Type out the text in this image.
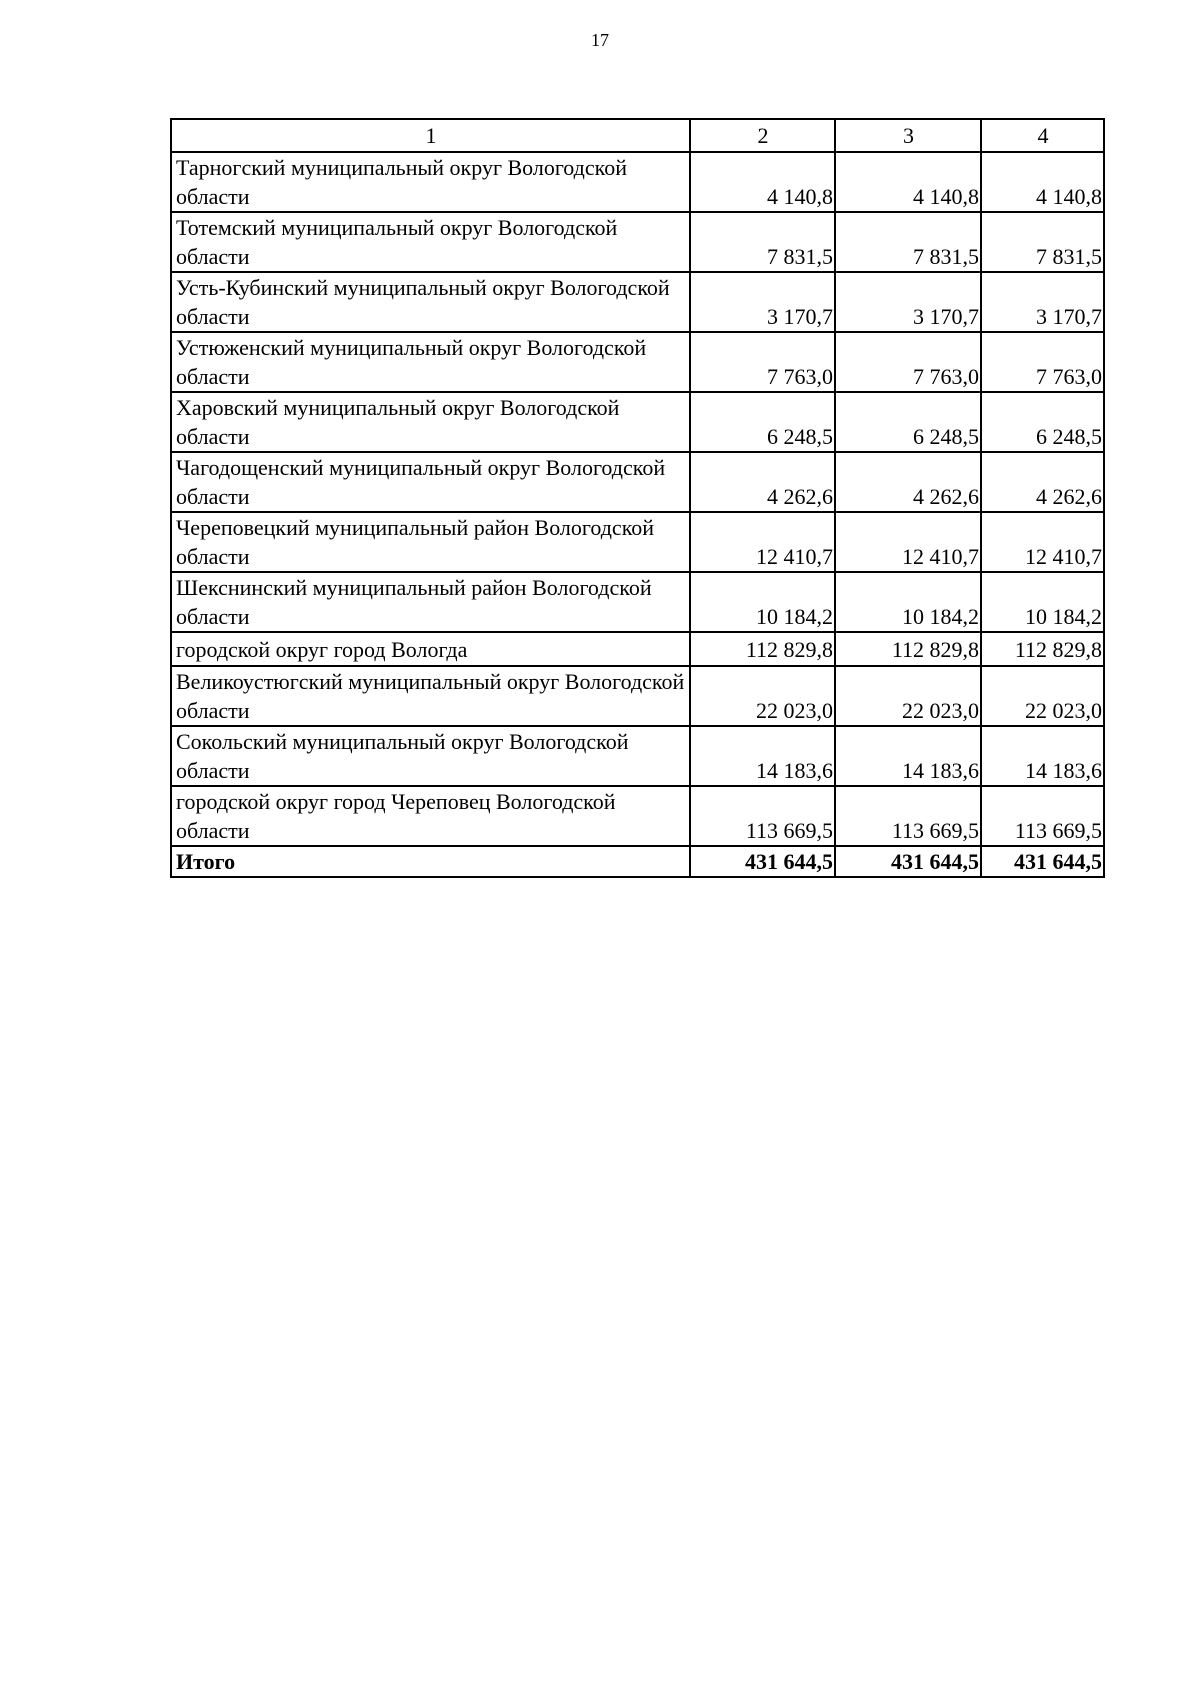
17
1	2	3	4
Тарногский муниципальный округ Вологодской области	4 140,8	4 140,8	4 140,8
Тотемский муниципальный округ Вологодской области	7 831,5	7 831,5	7 831,5
Усть-Кубинский муниципальный округ Вологодской области	3 170,7	3 170,7	3 170,7
Устюженский муниципальный округ Вологодской области	7 763,0	7 763,0	7 763,0
Харовский муниципальный округ Вологодской области	6 248,5	6 248,5	6 248,5
Чагодощенский муниципальный округ Вологодской области	4 262,6	4 262,6	4 262,6
Череповецкий муниципальный район Вологодской области	12 410,7	12 410,7	12 410,7
Шекснинский муниципальный район Вологодской области	10 184,2	10 184,2	10 184,2
городской округ город Вологда	112 829,8	112 829,8	112 829,8
Великоустюгский муниципальный округ Вологодской области	22 023,0	22 023,0	22 023,0
Сокольский муниципальный округ Вологодской области	14 183,6	14 183,6	14 183,6
городской округ город Череповец Вологодской области	113 669,5	113 669,5	113 669,5
Итого	431 644,5	431 644,5	431 644,5
